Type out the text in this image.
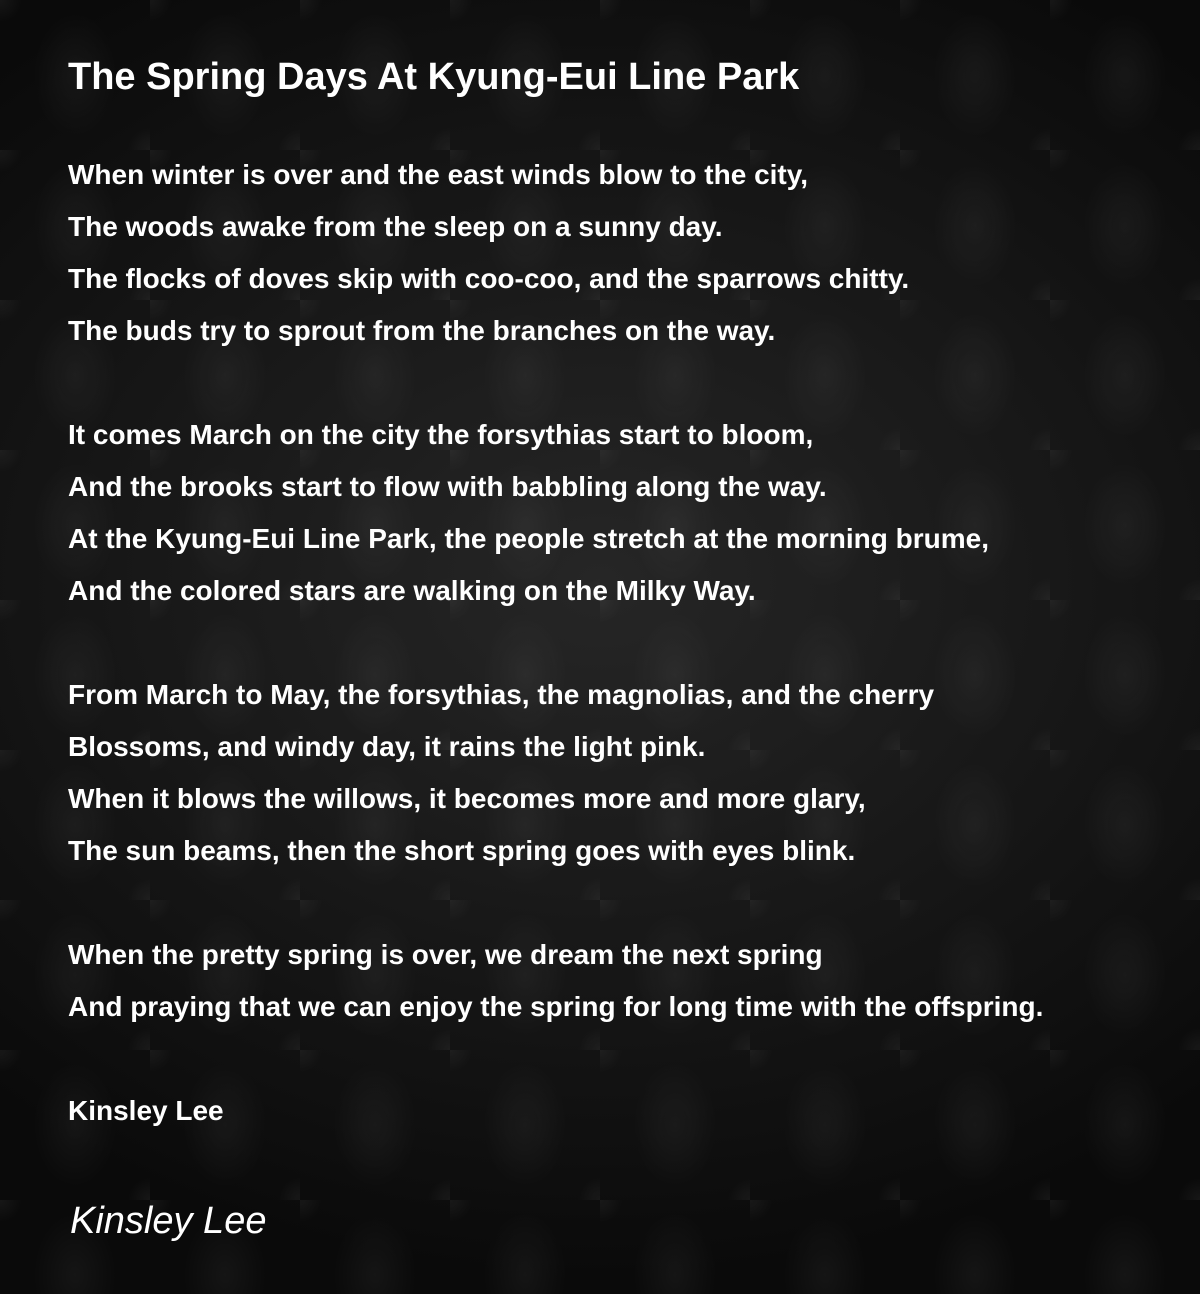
The Spring Days At Kyung-Eui Line Park
When winter is over and the east winds blow to the city,
The woods awake from the sleep on a sunny day.
The flocks of doves skip with coo-coo, and the sparrows chitty.
The buds try to sprout from the branches on the way.
It comes March on the city the forsythias start to bloom,
And the brooks start to flow with babbling along the way.
At the Kyung-Eui Line Park, the people stretch at the morning brume,
And the colored stars are walking on the Milky Way.
From March to May, the forsythias, the magnolias, and the cherry
Blossoms, and windy day, it rains the light pink.
When it blows the willows, it becomes more and more glary,
The sun beams, then the short spring goes with eyes blink.
When the pretty spring is over, we dream the next spring
And praying that we can enjoy the spring for long time with the offspring.
Kinsley Lee
Kinsley Lee
